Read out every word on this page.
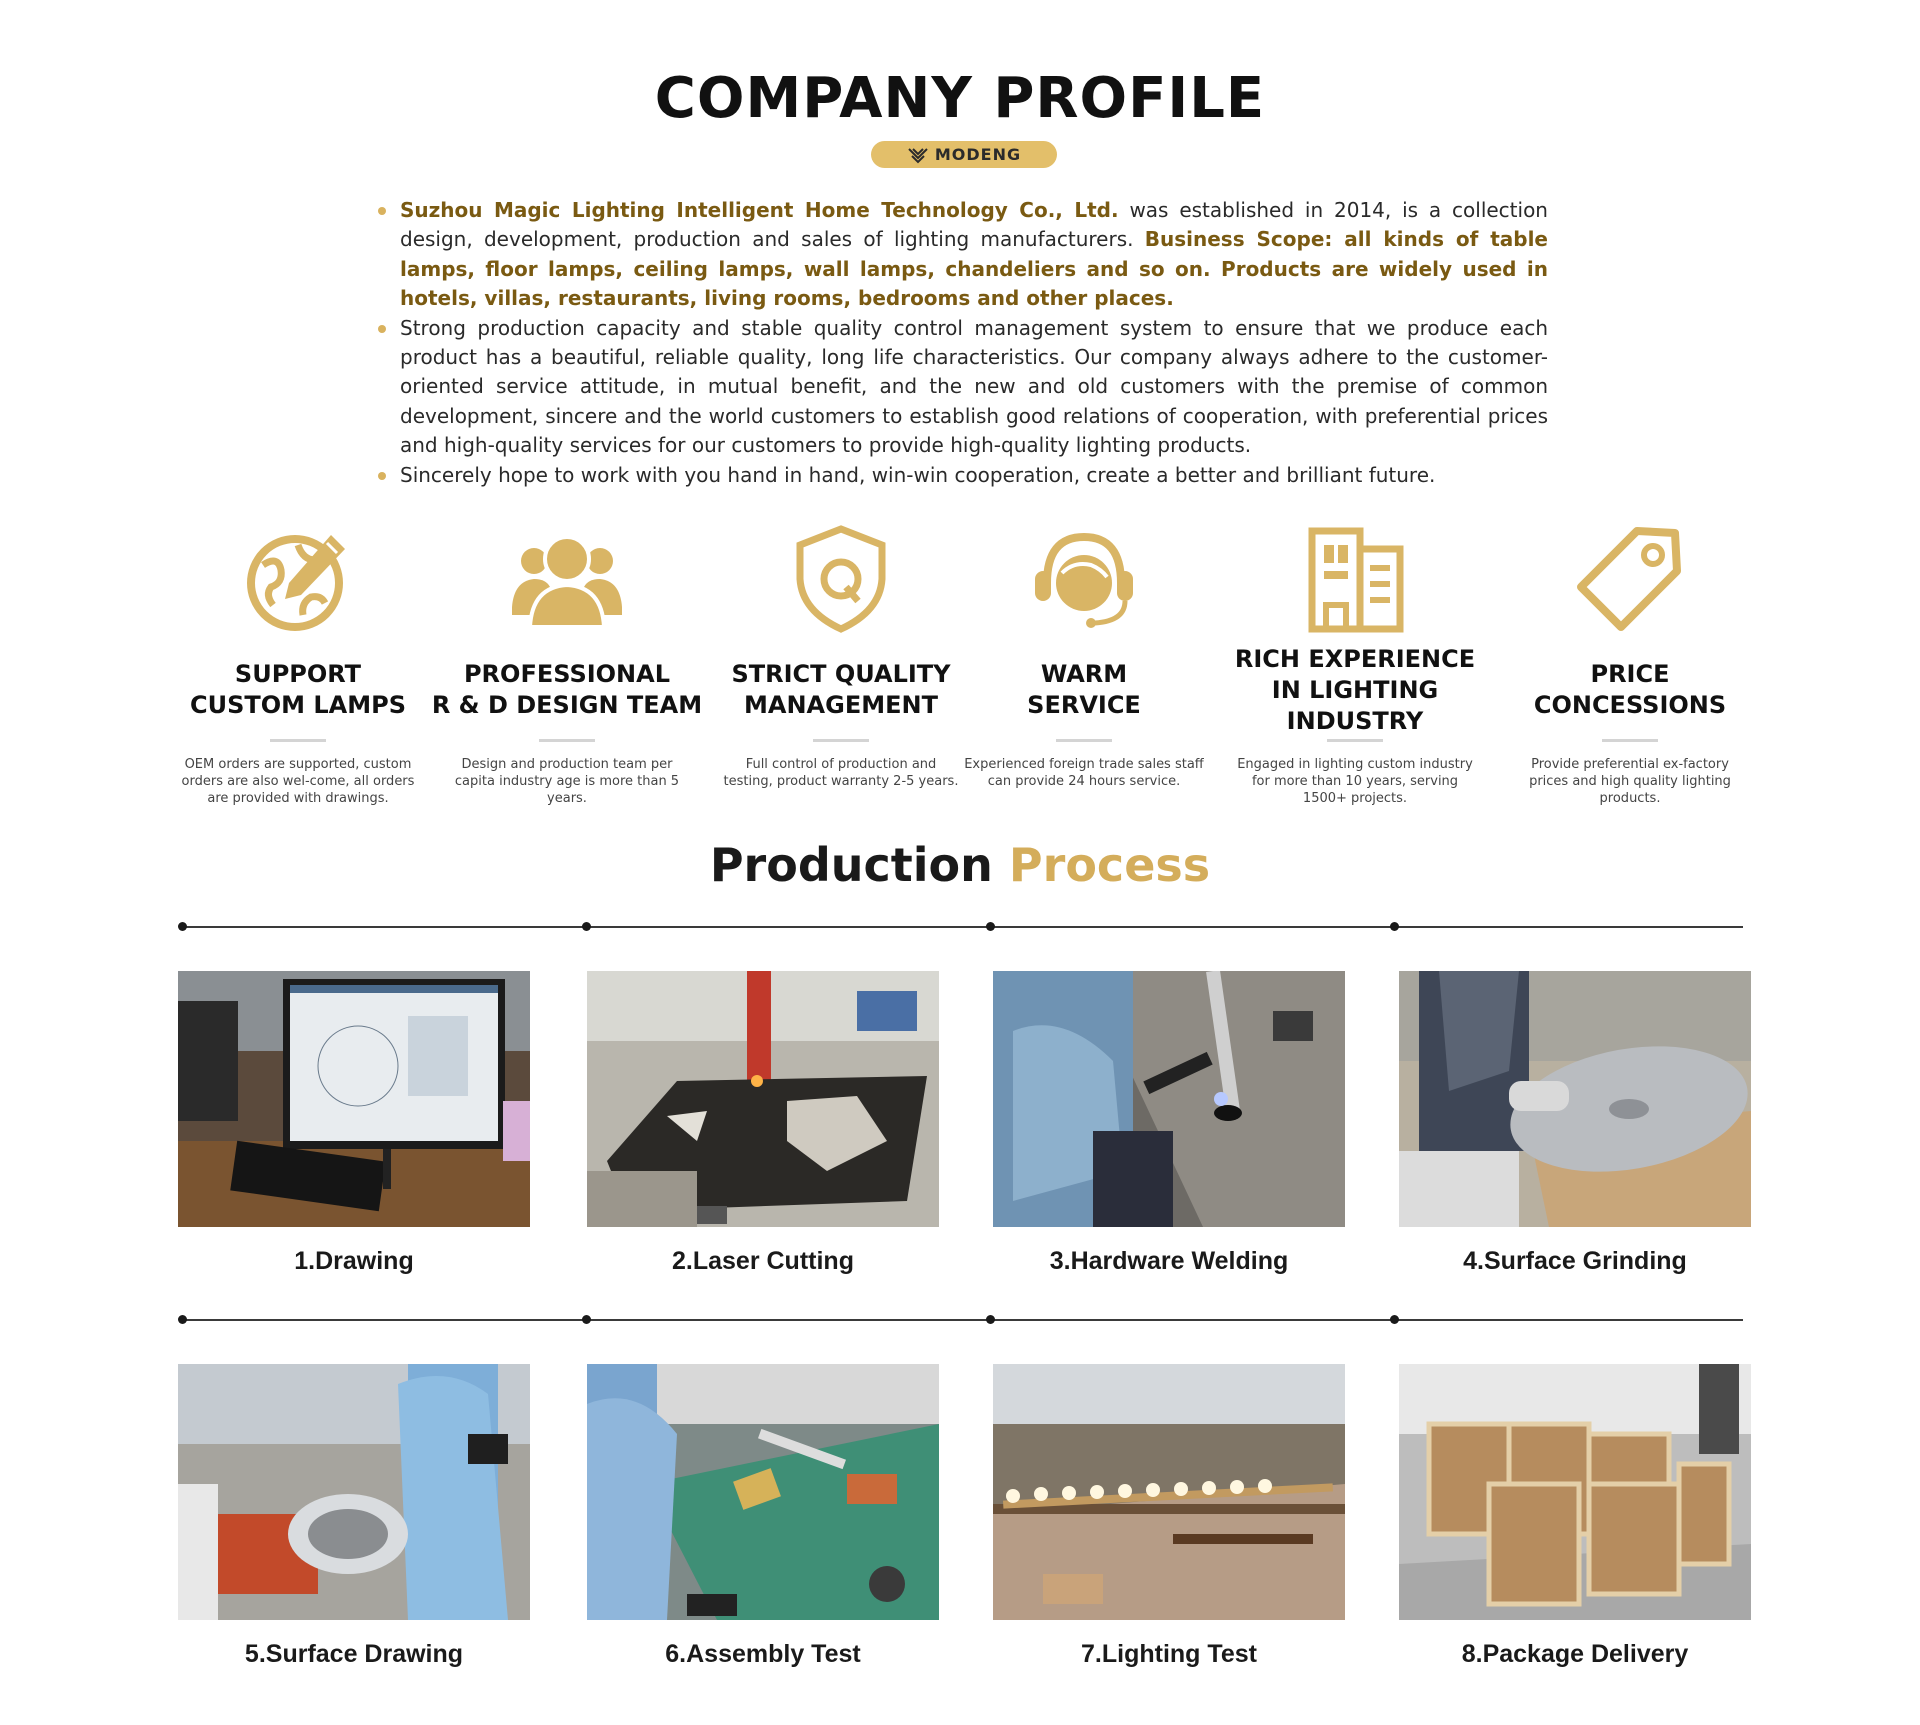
COMPANY PROFILE
MODENG

Suzhou Magic Lighting Intelligent Home Technology Co., Ltd. was established in 2014, is a collection design, development, production and sales of lighting manufacturers. Business Scope: all kinds of table lamps, floor lamps, ceiling lamps, wall lamps, chandeliers and so on. Products are widely used in hotels, villas, restaurants, living rooms, bedrooms and other places.

Strong production capacity and stable quality control management system to ensure that we produce each product has a beautiful, reliable quality, long life characteristics. Our company always adhere to the customer-oriented service attitude, in mutual benefit, and the new and old customers with the premise of common development, sincere and the world customers to establish good relations of cooperation, with preferential prices and high-quality services for our customers to provide high-quality lighting products.

Sincerely hope to work with you hand in hand, win-win cooperation, create a better and brilliant future.

SUPPORT
CUSTOM LAMPS
OEM orders are supported, custom orders are also wel-come, all orders are provided with drawings.
PROFESSIONAL
R & D DESIGN TEAM
Design and production team per capita industry age is more than 5 years.
STRICT QUALITY
MANAGEMENT
Full control of production and testing, product warranty 2-5 years.
WARM
SERVICE
Experienced foreign trade sales staff can provide 24 hours service.
RICH EXPERIENCE
IN LIGHTING INDUSTRY
Engaged in lighting custom industry for more than 10 years, serving 1500+ projects.
PRICE
CONCESSIONS
Provide preferential ex-factory prices and high quality lighting products.
Production Process
1.Drawing	2.Laser Cutting	3.Hardware Welding	4.Surface Grinding
5.Surface Drawing	6.Assembly Test	7.Lighting Test	8.Package Delivery
